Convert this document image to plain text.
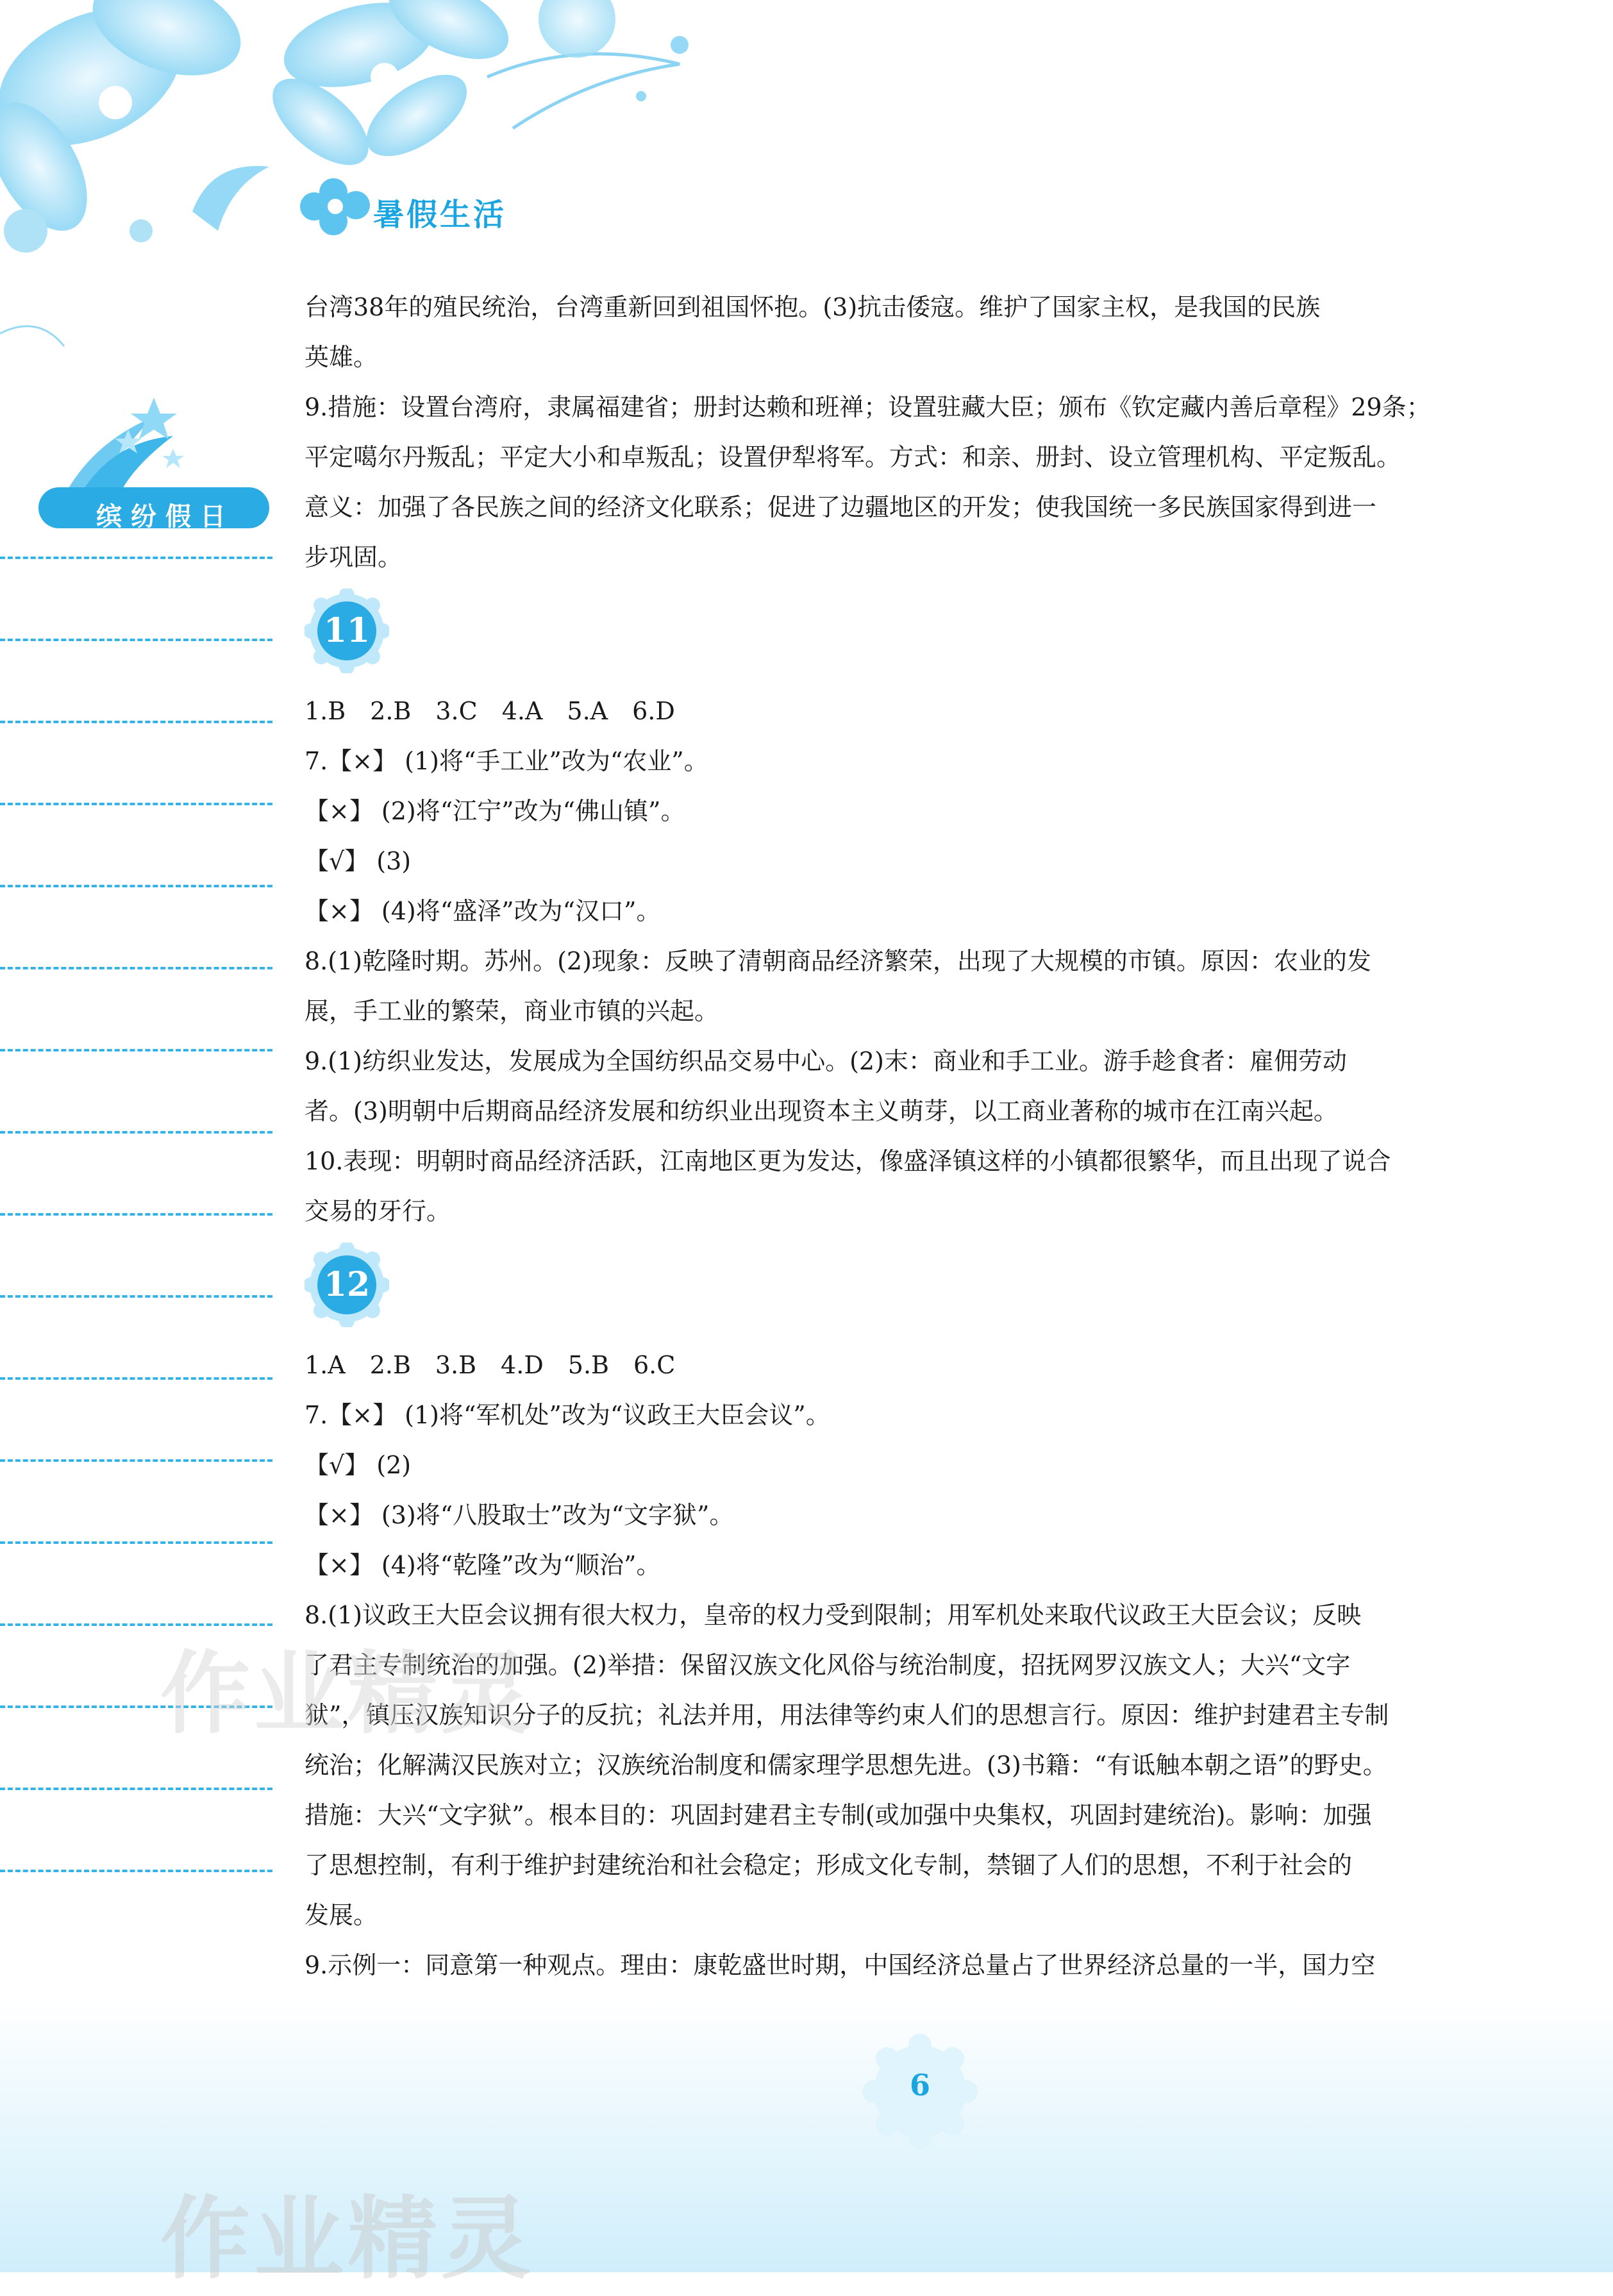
暑假生活
缤纷假日
台湾38年的殖民统治，台湾重新回到祖国怀抱。(3)抗击倭寇。维护了国家主权，是我国的民族
英雄。
9.措施：设置台湾府，隶属福建省；册封达赖和班禅；设置驻藏大臣；颁布《钦定藏内善后章程》29条；
平定噶尔丹叛乱；平定大小和卓叛乱；设置伊犁将军。方式：和亲、册封、设立管理机构、平定叛乱。
意义：加强了各民族之间的经济文化联系；促进了边疆地区的开发；使我国统一多民族国家得到进一
步巩固。
11
1.B　2.B　3.C　4.A　5.A　6.D
7.【×】 (1)将“手工业”改为“农业”。
【×】 (2)将“江宁”改为“佛山镇”。
【√】 (3)
【×】 (4)将“盛泽”改为“汉口”。
8.(1)乾隆时期。苏州。(2)现象：反映了清朝商品经济繁荣，出现了大规模的市镇。原因：农业的发
展，手工业的繁荣，商业市镇的兴起。
9.(1)纺织业发达，发展成为全国纺织品交易中心。(2)末：商业和手工业。游手趁食者：雇佣劳动
者。(3)明朝中后期商品经济发展和纺织业出现资本主义萌芽，以工商业著称的城市在江南兴起。
10.表现：明朝时商品经济活跃，江南地区更为发达，像盛泽镇这样的小镇都很繁华，而且出现了说合
交易的牙行。
12
1.A　2.B　3.B　4.D　5.B　6.C
7.【×】 (1)将“军机处”改为“议政王大臣会议”。
【√】 (2)
【×】 (3)将“八股取士”改为“文字狱”。
【×】 (4)将“乾隆”改为“顺治”。
8.(1)议政王大臣会议拥有很大权力，皇帝的权力受到限制；用军机处来取代议政王大臣会议；反映
了君主专制统治的加强。(2)举措：保留汉族文化风俗与统治制度，招抚网罗汉族文人；大兴“文字
狱”，镇压汉族知识分子的反抗；礼法并用，用法律等约束人们的思想言行。原因：维护封建君主专制
统治；化解满汉民族对立；汉族统治制度和儒家理学思想先进。(3)书籍：“有诋触本朝之语”的野史。
措施：大兴“文字狱”。根本目的：巩固封建君主专制(或加强中央集权，巩固封建统治)。影响：加强
了思想控制，有利于维护封建统治和社会稳定；形成文化专制，禁锢了人们的思想，不利于社会的
发展。
9.示例一：同意第一种观点。理由：康乾盛世时期，中国经济总量占了世界经济总量的一半，国力空
作业精灵
作业精灵
6
